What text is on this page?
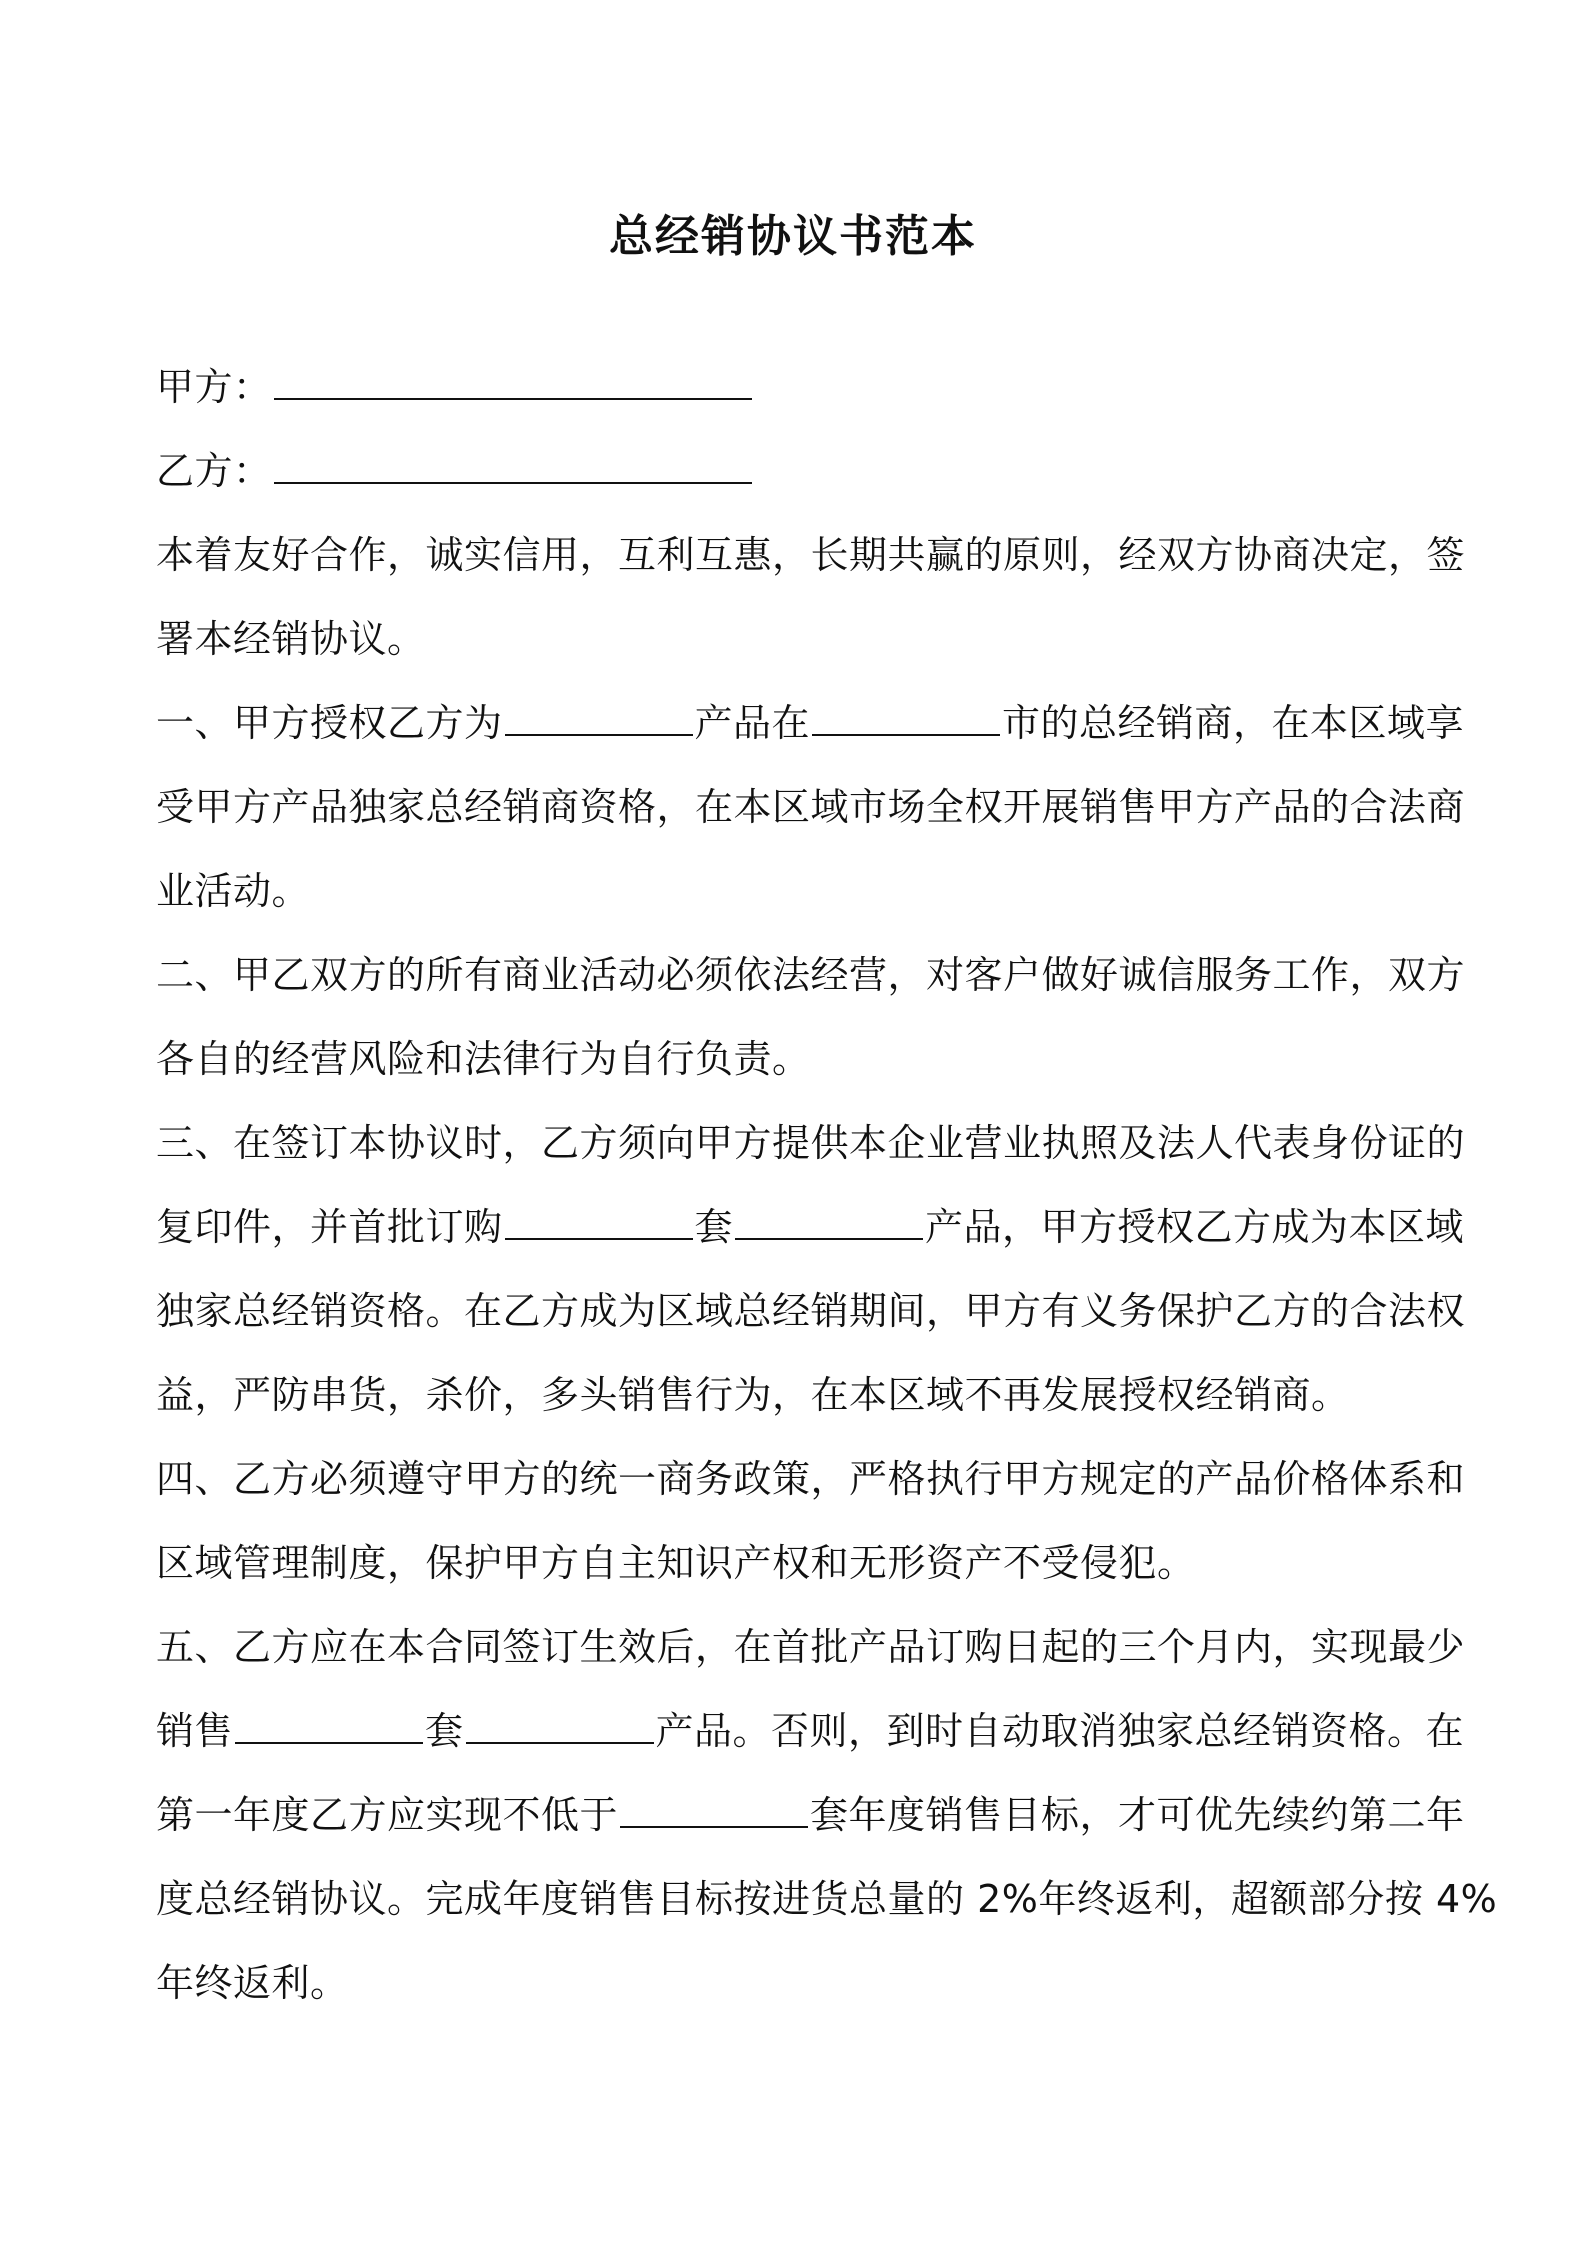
总经销协议书范本
甲方：
乙方：
本着友好合作，诚实信用，互利互惠，长期共赢的原则，经双方协商决定，签
署本经销协议。
一、甲方授权乙方为	产品在	市的总经销商，在本区域享
受甲方产品独家总经销商资格，在本区域市场全权开展销售甲方产品的合法商
业活动。
二、甲乙双方的所有商业活动必须依法经营，对客户做好诚信服务工作，双方
各自的经营风险和法律行为自行负责。
三、在签订本协议时，乙方须向甲方提供本企业营业执照及法人代表身份证的
复印件，并首批订购	套	产品，甲方授权乙方成为本区域
独家总经销资格。在乙方成为区域总经销期间，甲方有义务保护乙方的合法权
益，严防串货，杀价，多头销售行为，在本区域不再发展授权经销商。
四、乙方必须遵守甲方的统一商务政策，严格执行甲方规定的产品价格体系和
区域管理制度，保护甲方自主知识产权和无形资产不受侵犯。
五、乙方应在本合同签订生效后，在首批产品订购日起的三个月内，实现最少
销售	套	产品。否则，到时自动取消独家总经销资格。在
第一年度乙方应实现不低于	套年度销售目标，才可优先续约第二年
度总经销协议。完成年度销售目标按进货总量的 2%年终返利，超额部分按 4%
年终返利。
